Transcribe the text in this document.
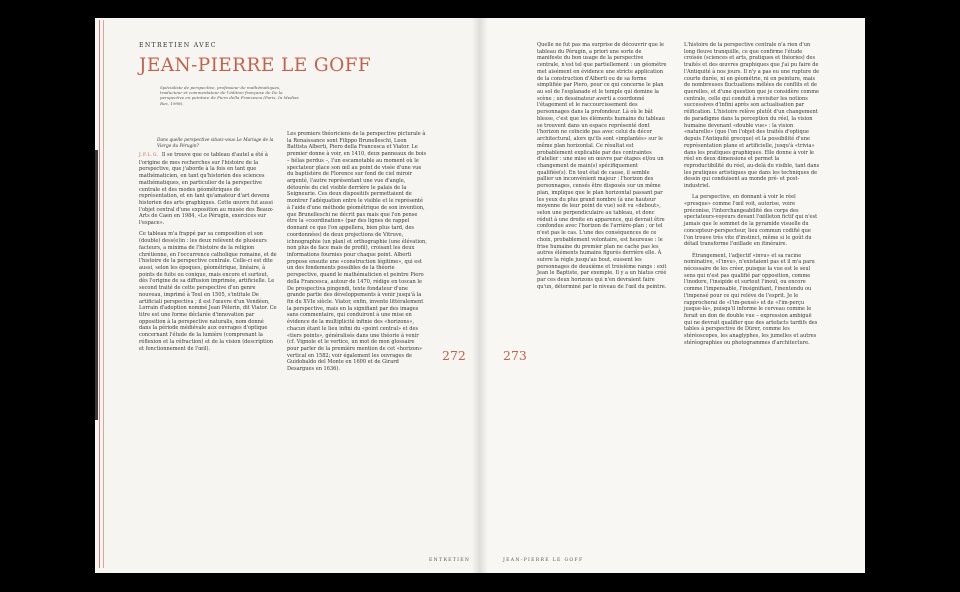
ENTRETIEN AVEC
JEAN-PIERRE LE GOFF
Spécialiste de perspective, professeur de mathématiques, traducteur et commentateur de l'édition française de De la perspective en peinture de Piero della Francesca (Paris, In Medias Res, 1998).
Dans quelle perspective situez-vous Le Mariage de la Vierge du Pérugin?

J.P.L.G. Il se trouve que ce tableau d'autel a été à l'origine de mes recherches sur l'histoire de la perspective, que j'aborde à la fois en tant que mathématicien, en tant qu'historien des sciences mathématiques, en particulier de la perspective centrale et des modes géométriques de représentation, et en tant qu'amateur d'art devenu historien des arts graphiques. Cette œuvre fut aussi l'objet central d'une exposition au musée des Beaux-Arts de Caen en 1984, «Le Pérugin, exercices sur l'espace».

Ce tableau m'a frappé par sa composition et son (double) dess(e)in : les deux relèvent de plusieurs facteurs, a minima de l'histoire de la religion chrétienne, en l'occurrence catholique romaine, et de l'histoire de la perspective centrale. Celle-ci est dite aussi, selon les époques, géométrique, linéaire, à points de fuite ou conique, mais encore et surtout, dès l'origine de sa diffusion imprimée, artificielle. Le second traité de cette perspective d'un genre nouveau, imprimé à Toul en 1505, s'intitule De artificiali perspectiva ; il est l'œuvre d'un Vendéen, Lorrain d'adoption nommé Jean Pèlerin, dit Viator. Ce titre est une forme déclarée d'innovation par opposition à la perspective naturalis, nom donné dans la période médiévale aux ouvrages d'optique concernant l'étude de la lumière (comprenant la réflexion et la réfraction) et de la vision (description et fonctionnement de l'œil).

Les premiers théoriciens de la perspective picturale à la Renaissance sont Filippo Brunelleschi, Leon Battista Alberti, Piero della Francesca et Viator. Le premier donne à voir, en 1410, deux panneaux de bois – hélas perdus –, l'un escamotable au moment où le spectateur place son œil au point de visée d'une vue du baptistère de Florence sur fond de ciel miroir argenté, l'autre représentant une vue d'angle, détourée du ciel visible derrière le palais de la Seigneurie. Ces deux dispositifs permettaient de montrer l'adéquation entre le visible et le représenté à l'aide d'une méthode géométrique de son invention, que Brunelleschi ne décrit pas mais que l'on pense être la «coordination» (par des lignes de rappel donnant ce que l'on appellera, bien plus tard, des coordonnées) de deux projections de Vitruve, ichnographie (un plan) et orthographie (une élévation, non plus de face mais de profil), croisant les deux informations fournies pour chaque point. Alberti propose ensuite une «construction légitime», qui est un des fondements possibles de la théorie perspective, quand le mathématicien et peintre Piero della Francesca, autour de 1470, rédige en toscan le De prospectiva pingendi, texte fondateur d'une grande partie des développements à venir jusqu'à la fin du XVIe siècle. Viator, enfin, invente littéralement la perspective, mais en la signifiant par des images sans commentaire, qui conduiront à une mise en évidence de la multiplicité infinie des «horizons», chacun étant le lieu infini du «point central» et des «tiers points», généralisés dans une théorie à venir (cf. Vignole et le vertice, un mot de mon glossaire pour parler de la première mention de cet «horizon» vertical en 1582; voir également les ouvrages de Guidobaldo del Monte en 1600 et de Girard Desargues en 1636).

272
ENTRETIEN
273
JEAN-PIERRE LE GOFF

Quelle ne fut pas ma surprise de découvrir que le tableau du Pérugin, a priori une sorte de manifeste du bon usage de la perspective centrale, n'est tel que partiellement : un géomètre met aisément en évidence une stricte application de la construction d'Alberti ou de sa forme simplifiée par Piero, pour ce qui concerne le plan au sol de l'esplanade et le temple qui domine la scène ; un dessinateur averti a coordonné l'étagement et le raccourcissement des personnages dans la profondeur. Là où le bât blesse, c'est que les éléments humains du tableau se trouvent dans un espace représenté dont l'horizon ne coïncide pas avec celui du décor architectural, alors qu'ils sont «implantés» sur le même plan horizontal. Ce résultat est probablement explicable par des contraintes d'atelier : une mise en œuvre par étapes et/ou un changement de main(s) spécifiquement qualifiée(s). En tout état de cause, il semble pallier un inconvénient majeur : l'horizon des personnages, censés être disposés sur un même plan, implique que le plan horizontal passant par les yeux du plus grand nombre (à une hauteur moyenne de leur point de vue) soit vu «debout», selon une perpendiculaire au tableau, et donc réduit à une droite en apparence, qui devrait être confondue avec l'horizon de l'arrière-plan ; or tel n'est pas le cas. L'une des conséquences de ce choix, probablement volontaire, est heureuse : le frise humaine du premier plan ne cache pas les autres éléments humains figurés derrière elle. À suivre la règle jusqu'au bout, eussent les personnages de deuxième et troisième rangs : exit Jean le Baptiste, par exemple. Il y a un hiatus créé par ces deux horizons qui n'en devraient faire qu'un, déterminé par le niveau de l'œil du peintre.

L'histoire de la perspective centrale n'a rien d'un long fleuve tranquille, ce que confirme l'étude croisée (sciences et arts, pratiques et théories) des traités et des œuvres graphiques que j'ai pu faire de l'Antiquité à nos jours. Il n'y a pas eu une rupture de courte durée, ni en géométrie, ni en peinture, mais de nombreuses fluctuations mêlées de conflits et de querelles, et d'une question que je considère comme centrale, celle qui conduit à revisiter les notions successives d'infini après son actualisation par réification. L'histoire relève plutôt d'un changement de paradigme dans la perception du réel, la vision humaine devenant «double vue» : la vision «naturelle» (que l'on l'objet des traités d'optique depuis l'Antiquité grecque) et la possibilité d'une représentation plane et artificielle, jusqu'à «trivia» dans les pratiques graphiques. Elle donne à voir le réel en deux dimensions et permet la reproductibilité du réel, au-delà du visible, tant dans les pratiques artistiques que dans les techniques de dessin qui conduisent au monde pré- et post-industriel.

La perspective, en donnant à voir le réel «presque» comme l'œil voit, autorise, voire préconise, l'interchangeabilité des corps des spectateurs-voyeurs devant l'œilleton fictif qui n'est jamais que le sommet de la pyramide visuelle du concepteur-perspecteur, lieu commun codifié que l'on trouve très vite d'instinct, même si le goût du détail transforme l'œillade en itinéraire.

Étrangement, l'adjectif «invu» et sa racine nominative, «l'invu», n'existaient pas et il m'a paru nécessaire de les créer, puisque la vue est le seul sens qui n'est pas qualifié par opposition, comme l'inodore, l'insipide et surtout l'inouï, ou encore comme l'impensable, l'insignifiant, l'inentendu ou l'impensé pour ce qui relève de l'esprit. Je le rapprocherai de «l'im-pensé» et de «l'im-perçu jusque-là», puisqu'il informe le cerveau comme le ferait un don de double vue – expression ambiguë qui ne devrait qualifier que des artefacts tardifs des tables à perspective de Dürer, comme les stéréoscopes, les anaglyphes, les jumelles et autres stéréographies ou photogrammes d'architecture.
